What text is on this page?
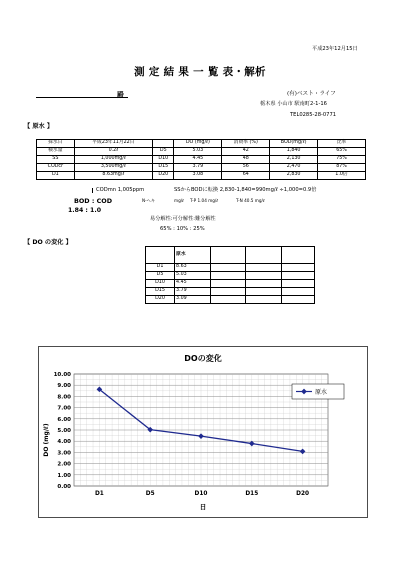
平成23年12月15日
測 定 結 果 一 覧 表・解析
殿	(有)ベスト・ライフ
栃木県 小山市 駅南町2-1-16
TEL0285-28-0771
【 原水 】
採水日	平成23年11月22日		DO (mg/ℓ)	消費率 (%)	BOD(mg/ℓ)	比率
検水量	0.2ℓ	D5	5.03	42	1,840	65%
SS	1,000mg/ℓ	D10	4.45	48	2,130	75%
CODcr	3,500mg/ℓ	D15	3.79	56	2,470	87%
D1	8.63mg/ℓ	D20	3.08	64	2,830	1.0倍
CODmn 1,005ppm	SSからBODに転換 2,830-1,840=990mg/ℓ ÷1,000=0.9倍
BOD : COD	N-ヘキ	mg/ℓ T-P 1.04 mg/ℓ	T-N 40.5 mg/ℓ
1.84 : 1.0
易分解性:可分解性:難分解性
65% : 10% : 25%
【 DO の変化 】
	原水			
D1	8.63			
D5	5.03			
D10	4.45			
D15	3.79			
D20	3.09			
DOの変化
0.00
1.00
2.00
3.00
4.00
5.00
6.00
7.00
8.00
9.00
10.00
D1	D5	D10	D15	D20
DO (mg/ℓ)
日
原水
